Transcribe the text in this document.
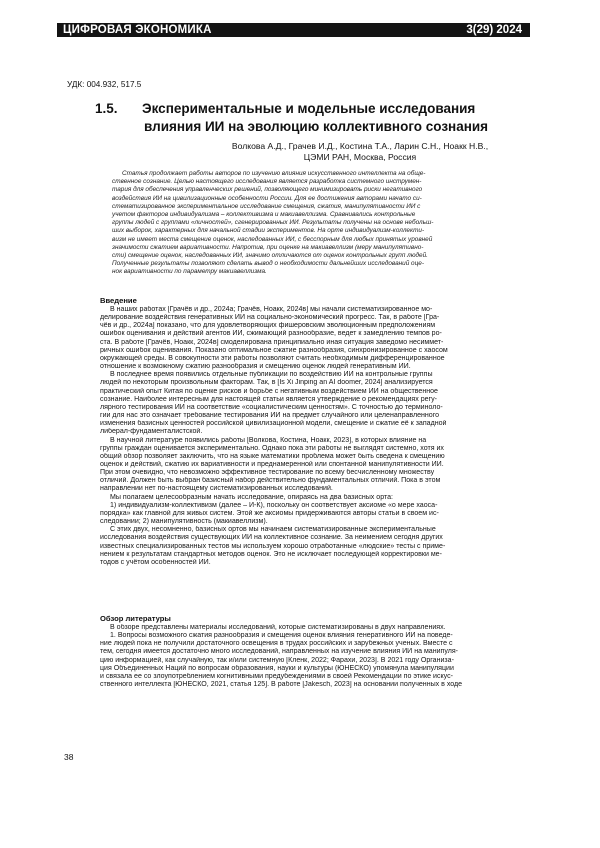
ЦИФРОВАЯ ЭКОНОМИКА	3(29) 2024
УДК: 004.932, 517.5
1.5. Экспериментальные и модельные исследования
влияния ИИ на эволюцию коллективного сознания
Волкова А.Д., Грачев И.Д., Костина Т.А., Ларин С.Н., Ноакк Н.В.,
ЦЭМИ РАН, Москва, Россия
Статья продолжает работы авторов по изучению влияния искусственного интеллекта на обще-
ственное сознание. Целью настоящего исследования является разработка системного инструмен-
тария для обеспечения управленческих решений, позволяющего минимизировать риски негативного
воздействия ИИ на цивилизационные особенности России. Для ее достижения авторами начато си-
стематизированное экспериментальное исследование смещения, сжатия, манипулятивности ИИ с
учетом факторов индивидуализма – коллективизма и макиавеллизма. Сравнивались контрольные
группы людей с группами «личностей», сгенерированных ИИ. Результаты получены на основе небольш-
ших выборок, характерных для начальной стадии экспериментов. На ортe индивидуализм-коллекти-
визм не имеет места смещение оценок, наследованных ИИ, с бесспорным для любых принятых уровней
значимости сжатием вариативности. Напротив, при оценке на макиавеллизм (меру манипулятивно-
сти) смещение оценок, наследованных ИИ, значимо отличаются от оценок контрольных групп людей.
Полученные результаты позволяют сделать вывод о необходимости дальнейших исследований оце-
нок вариативности по параметру макиавеллизма.
Введение
В наших работах [Грачёв и др., 2024а; Грачёв, Ноакк, 2024в] мы начали систематизированное мо-
делирование воздействия генеративных ИИ на социально-экономический прогресс. Так, в работе [Гра-
чёв и др., 2024а] показано, что для удовлетворяющих фишеровским эволюционным предположениям
ошибок оценивания и действий агентов ИИ, сжимающий разнообразие, ведет к замедлению темпов ро-
ста. В работе [Грачёв, Ноакк, 2024в] смоделирована принципиально иная ситуация заведомо несиммет-
ричных ошибок оценивания. Показано оптимальное сжатие разнообразия, синхронизированное с хаосом
окружающей среды. В совокупности эти работы позволяют считать необходимым дифференцированное
отношение к возможному сжатию разнообразия и смещению оценок людей генеративным ИИ.
В последнее время появились отдельные публикации по воздействию ИИ на контрольные группы
людей по некоторым произвольным факторам. Так, в [Is Xi Jinping an AI doomer, 2024] анализируется
практический опыт Китая по оценке рисков и борьбе с негативным воздействием ИИ на общественное
сознание. Наиболее интересным для настоящей статьи является утверждение о рекомендациях регу-
лярного тестирования ИИ на соответствие «социалистическим ценностям». С точностью до терминоло-
гии для нас это означает требование тестирования ИИ на предмет случайного или целенаправленного
изменения базисных ценностей российской цивилизационной модели, смещение и сжатие её к западной
либерал-фундаменталистской.
В научной литературе появились работы [Волкова, Костина, Ноакк, 2023], в которых влияние на
группы граждан оценивается экспериментально. Однако пока эти работы не выглядят системно, хотя их
общий обзор позволяет заключить, что на языке математики проблема может быть сведена к смещению
оценок и действий, сжатию их вариативности и преднамеренной или спонтанной манипулятивности ИИ.
При этом очевидно, что невозможно эффективное тестирование по всему бесчисленному множеству
отличий. Должен быть выбран базисный набор действительно фундаментальных отличий. Пока в этом
направлении нет по-настоящему систематизированных исследований.
Мы полагаем целесообразным начать исследование, опираясь на два базисных орта:
1) индивидуализм-коллективизм (далее – И-К), поскольку он соответствует аксиоме «о мере хаоса-
порядка» как главной для живых систем. Этой же аксиомы придерживаются авторы статьи в своем ис-
следовании; 2) манипулятивность (макиавеллизм).
С этих двух, несомненно, базисных ортов мы начинаем систематизированные экспериментальные
исследования воздействия существующих ИИ на коллективное сознание. За неимением сегодня других
известных специализированных тестов мы используем хорошо отработанные «людские» тесты с приме-
нением к результатам стандартных методов оценок. Это не исключает последующей корректировки ме-
тодов с учётом особенностей ИИ.
Обзор литературы
В обзоре представлены материалы исследований, которые систематизированы в двух направлениях.
1. Вопросы возможного сжатия разнообразия и смещения оценок влияния генеративного ИИ на поведе-
ние людей пока не получили достаточного освещения в трудах российских и зарубежных ученых. Вместе с
тем, сегодня имеется достаточно много исследований, направленных на изучение влияния ИИ на манипуля-
цию информацией, как случайную, так и/или системную [Кленк, 2022; Фарахи, 2023]. В 2021 году Организа-
ция Объединенных Наций по вопросам образования, науки и культуры (ЮНЕСКО) упомянула манипуляции
и связала ее со злоупотреблением когнитивными предубеждениями в своей Рекомендации по этике искус-
ственного интеллекта [ЮНЕСКО, 2021, статья 125]. В работе [Jakesch, 2023] на основании полученных в ходе
38
